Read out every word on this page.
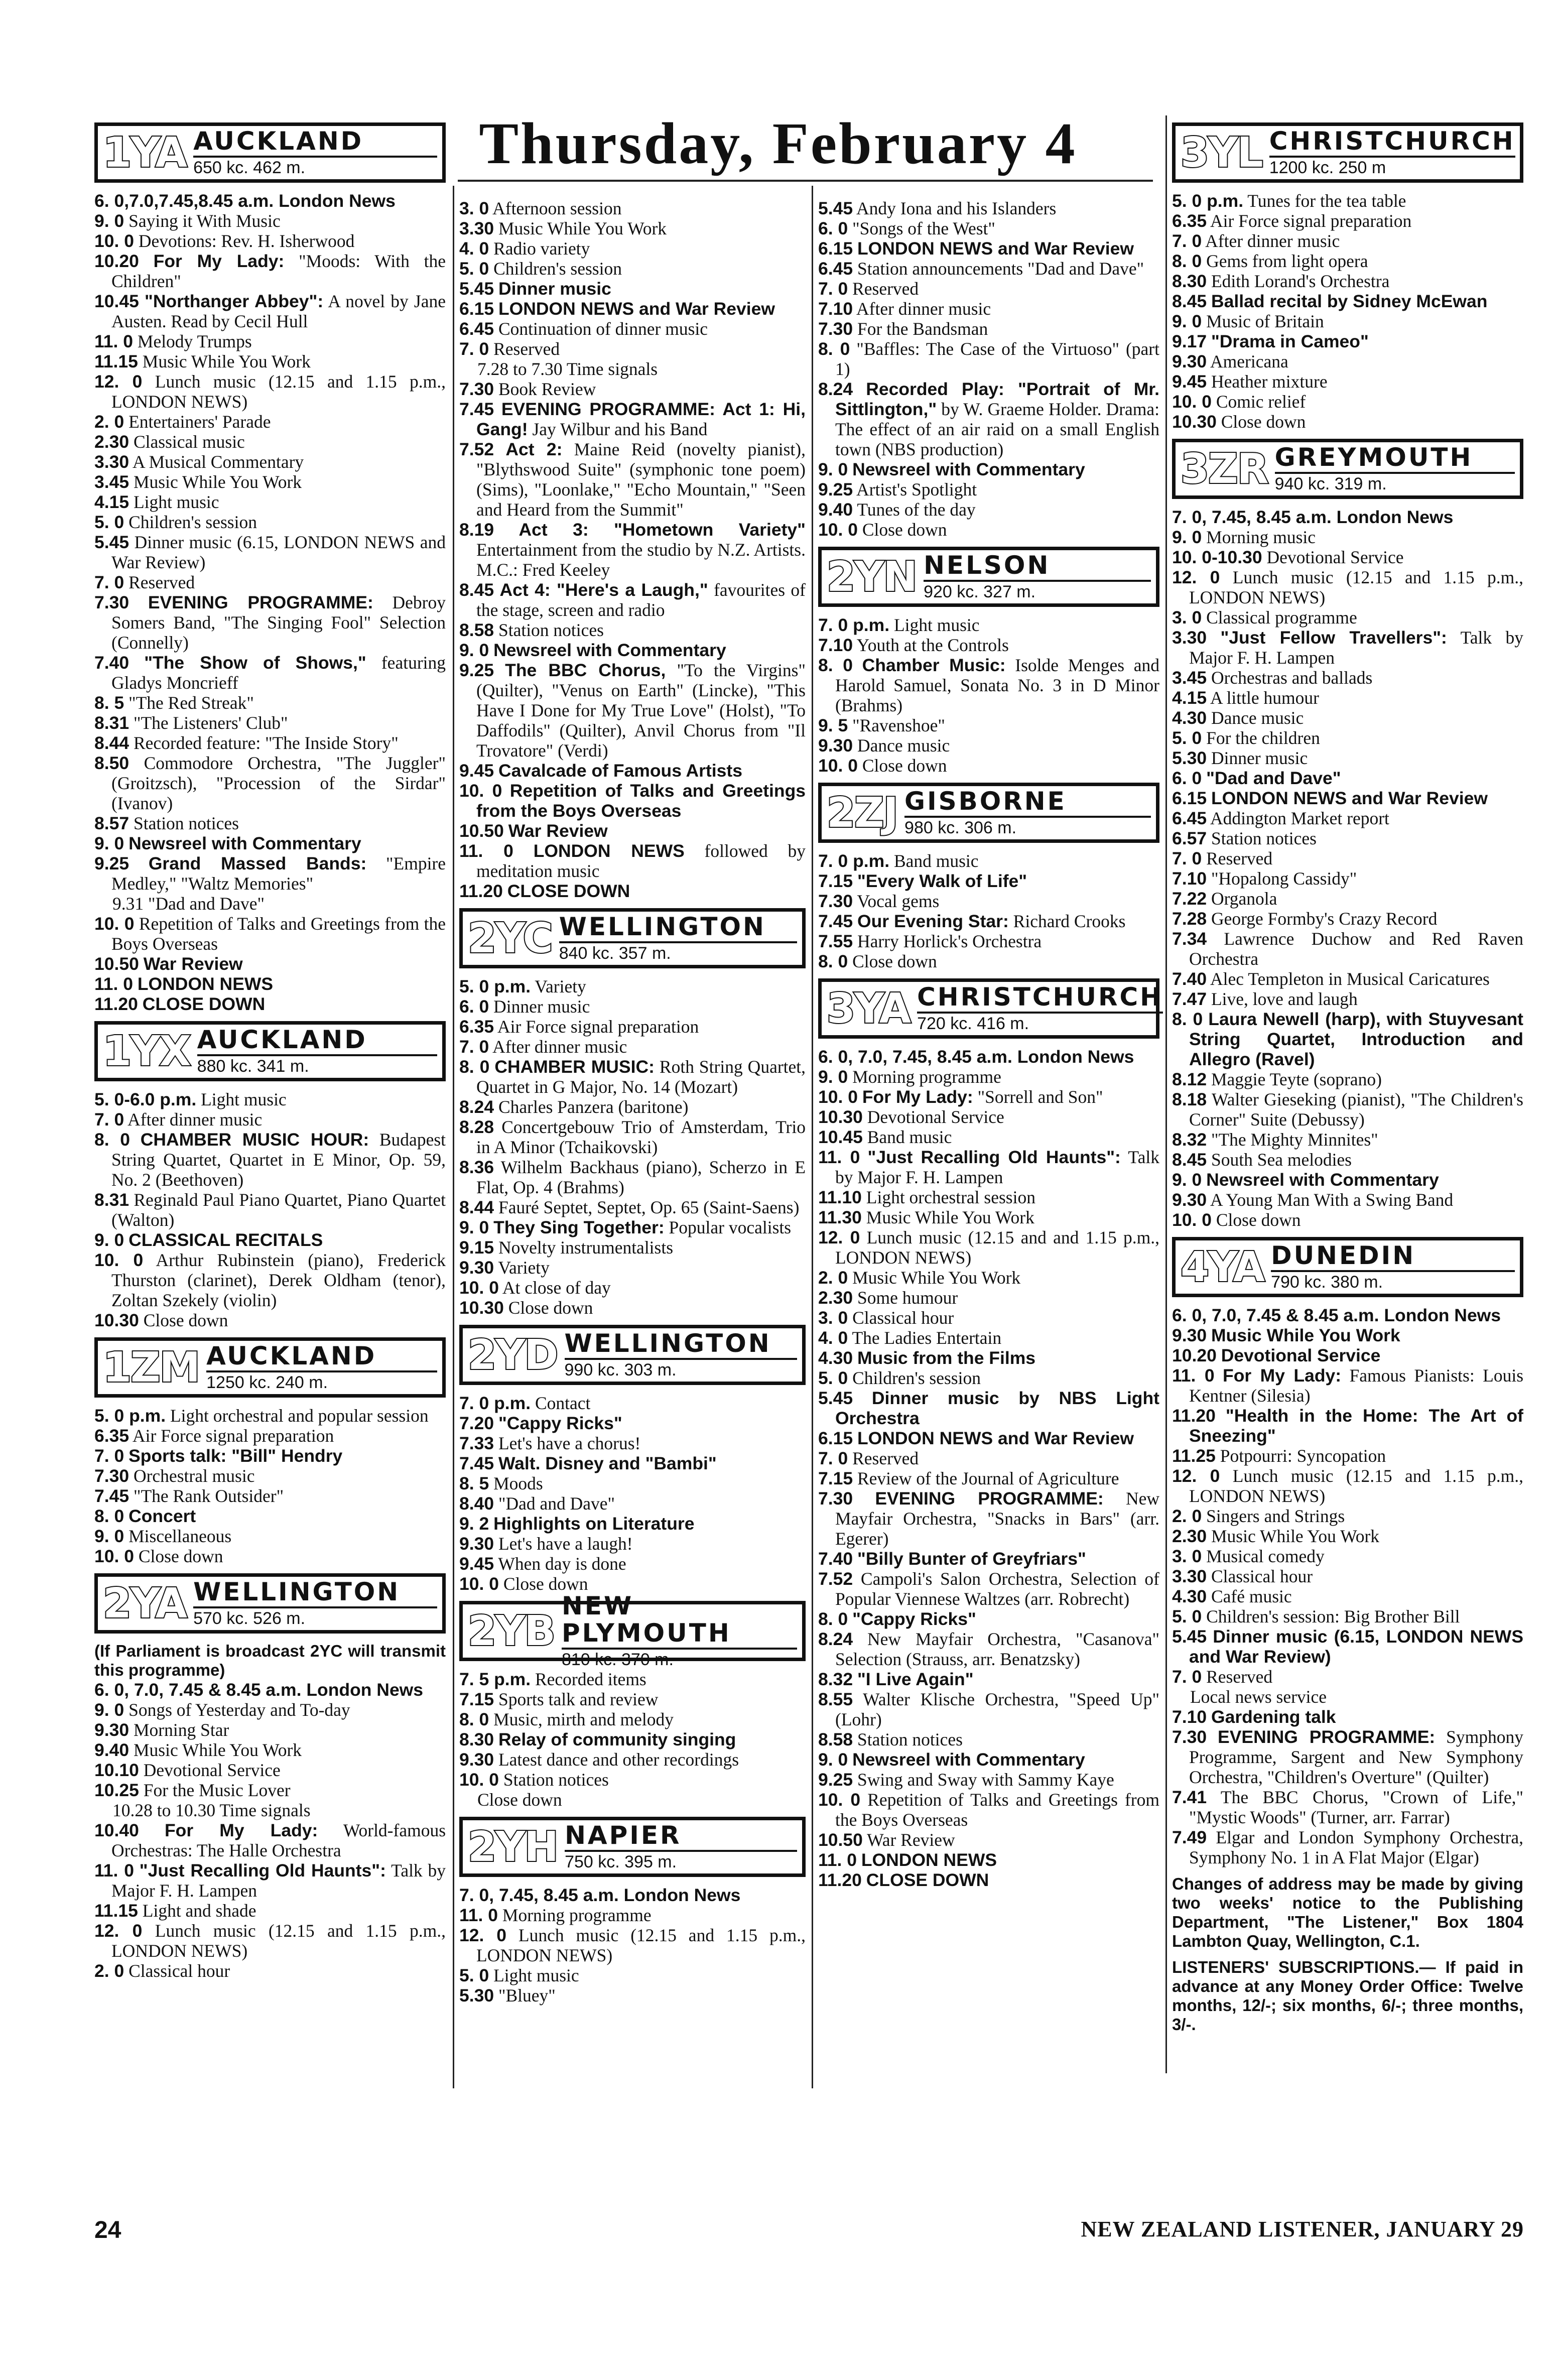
Thursday, February 4
1YA AUCKLAND
650 kc. 462 m.

6. 0,7.0,7.45,8.45 a.m. London News

9. 0 Saying it With Music

10. 0 Devotions: Rev. H. Isherwood

10.20 For My Lady: "Moods: With the Children"

10.45 "Northanger Abbey": A novel by Jane Austen. Read by Cecil Hull

11. 0 Melody Trumps

11.15 Music While You Work

12. 0 Lunch music (12.15 and 1.15 p.m., LONDON NEWS)

2. 0 Entertainers' Parade

2.30 Classical music

3.30 A Musical Commentary

3.45 Music While You Work

4.15 Light music

5. 0 Children's session

5.45 Dinner music (6.15, LONDON NEWS and War Review)

7. 0 Reserved

7.30 EVENING PROGRAMME: Debroy Somers Band, "The Singing Fool" Selection (Connelly)

7.40 "The Show of Shows," featuring Gladys Moncrieff

8. 5 "The Red Streak"

8.31 "The Listeners' Club"

8.44 Recorded feature: "The Inside Story"

8.50 Commodore Orchestra, "The Juggler" (Groitzsch), "Procession of the Sirdar" (Ivanov)

8.57 Station notices

9. 0 Newsreel with Commentary

9.25 Grand Massed Bands: "Empire Medley," "Waltz Memories"

9.31 "Dad and Dave"

10. 0 Repetition of Talks and Greetings from the Boys Overseas

10.50 War Review

11. 0 LONDON NEWS

11.20 CLOSE DOWN

1YX AUCKLAND
880 kc. 341 m.

5. 0-6.0 p.m. Light music

7. 0 After dinner music

8. 0 CHAMBER MUSIC HOUR: Budapest String Quartet, Quartet in E Minor, Op. 59, No. 2 (Beethoven)

8.31 Reginald Paul Piano Quartet, Piano Quartet (Walton)

9. 0 CLASSICAL RECITALS

10. 0 Arthur Rubinstein (piano), Frederick Thurston (clarinet), Derek Oldham (tenor), Zoltan Szekely (violin)

10.30 Close down

1ZM AUCKLAND
1250 kc. 240 m.

5. 0 p.m. Light orchestral and popular session

6.35 Air Force signal preparation

7. 0 Sports talk: "Bill" Hendry

7.30 Orchestral music

7.45 "The Rank Outsider"

8. 0 Concert

9. 0 Miscellaneous

10. 0 Close down

2YA WELLINGTON
570 kc. 526 m.

(If Parliament is broadcast 2YC will transmit this programme)

6. 0, 7.0, 7.45 & 8.45 a.m. London News

9. 0 Songs of Yesterday and To-day

9.30 Morning Star

9.40 Music While You Work

10.10 Devotional Service

10.25 For the Music Lover

10.28 to 10.30 Time signals

10.40 For My Lady: World-famous Orchestras: The Halle Orchestra

11. 0 "Just Recalling Old Haunts": Talk by Major F. H. Lampen

11.15 Light and shade

12. 0 Lunch music (12.15 and 1.15 p.m., LONDON NEWS)

2. 0 Classical hour

3. 0 Afternoon session

3.30 Music While You Work

4. 0 Radio variety

5. 0 Children's session

5.45 Dinner music

6.15 LONDON NEWS and War Review

6.45 Continuation of dinner music

7. 0 Reserved

7.28 to 7.30 Time signals

7.30 Book Review

7.45 EVENING PROGRAMME: Act 1: Hi, Gang! Jay Wilbur and his Band

7.52 Act 2: Maine Reid (novelty pianist), "Blythswood Suite" (symphonic tone poem) (Sims), "Loonlake," "Echo Mountain," "Seen and Heard from the Summit"

8.19 Act 3: "Hometown Variety" Entertainment from the studio by N.Z. Artists. M.C.: Fred Keeley

8.45 Act 4: "Here's a Laugh," favourites of the stage, screen and radio

8.58 Station notices

9. 0 Newsreel with Commentary

9.25 The BBC Chorus, "To the Virgins" (Quilter), "Venus on Earth" (Lincke), "This Have I Done for My True Love" (Holst), "To Daffodils" (Quilter), Anvil Chorus from "Il Trovatore" (Verdi)

9.45 Cavalcade of Famous Artists

10. 0 Repetition of Talks and Greetings from the Boys Overseas

10.50 War Review

11. 0 LONDON NEWS followed by meditation music

11.20 CLOSE DOWN

2YC WELLINGTON
840 kc. 357 m.

5. 0 p.m. Variety

6. 0 Dinner music

6.35 Air Force signal preparation

7. 0 After dinner music

8. 0 CHAMBER MUSIC: Roth String Quartet, Quartet in G Major, No. 14 (Mozart)

8.24 Charles Panzera (baritone)

8.28 Concertgebouw Trio of Amsterdam, Trio in A Minor (Tchaikovski)

8.36 Wilhelm Backhaus (piano), Scherzo in E Flat, Op. 4 (Brahms)

8.44 Fauré Septet, Septet, Op. 65 (Saint-Saens)

9. 0 They Sing Together: Popular vocalists

9.15 Novelty instrumentalists

9.30 Variety

10. 0 At close of day

10.30 Close down

2YD WELLINGTON
990 kc. 303 m.

7. 0 p.m. Contact

7.20 "Cappy Ricks"

7.33 Let's have a chorus!

7.45 Walt. Disney and "Bambi"

8. 5 Moods

8.40 "Dad and Dave"

9. 2 Highlights on Literature

9.30 Let's have a laugh!

9.45 When day is done

10. 0 Close down

2YB
NEW PLYMOUTH
810 kc. 370 m.

7. 5 p.m. Recorded items

7.15 Sports talk and review

8. 0 Music, mirth and melody

8.30 Relay of community singing

9.30 Latest dance and other recordings

10. 0 Station notices

Close down

2YH NAPIER
750 kc. 395 m.

7. 0, 7.45, 8.45 a.m. London News

11. 0 Morning programme

12. 0 Lunch music (12.15 and 1.15 p.m., LONDON NEWS)

5. 0 Light music

5.30 "Bluey"

5.45 Andy Iona and his Islanders

6. 0 "Songs of the West"

6.15 LONDON NEWS and War Review

6.45 Station announcements "Dad and Dave"

7. 0 Reserved

7.10 After dinner music

7.30 For the Bandsman

8. 0 "Baffles: The Case of the Virtuoso" (part 1)

8.24 Recorded Play: "Portrait of Mr. Sittlington," by W. Graeme Holder. Drama: The effect of an air raid on a small English town (NBS production)

9. 0 Newsreel with Commentary

9.25 Artist's Spotlight

9.40 Tunes of the day

10. 0 Close down

2YN NELSON
920 kc. 327 m.

7. 0 p.m. Light music

7.10 Youth at the Controls

8. 0 Chamber Music: Isolde Menges and Harold Samuel, Sonata No. 3 in D Minor (Brahms)

9. 5 "Ravenshoe"

9.30 Dance music

10. 0 Close down

2ZJ GISBORNE
980 kc. 306 m.

7. 0 p.m. Band music

7.15 "Every Walk of Life"

7.30 Vocal gems

7.45 Our Evening Star: Richard Crooks

7.55 Harry Horlick's Orchestra

8. 0 Close down

3YA CHRISTCHURCH
720 kc. 416 m.

6. 0, 7.0, 7.45, 8.45 a.m. London News

9. 0 Morning programme

10. 0 For My Lady: "Sorrell and Son"

10.30 Devotional Service

10.45 Band music

11. 0 "Just Recalling Old Haunts": Talk by Major F. H. Lampen

11.10 Light orchestral session

11.30 Music While You Work

12. 0 Lunch music (12.15 and and 1.15 p.m., LONDON NEWS)

2. 0 Music While You Work

2.30 Some humour

3. 0 Classical hour

4. 0 The Ladies Entertain

4.30 Music from the Films

5. 0 Children's session

5.45 Dinner music by NBS Light Orchestra

6.15 LONDON NEWS and War Review

7. 0 Reserved

7.15 Review of the Journal of Agriculture

7.30 EVENING PROGRAMME: New Mayfair Orchestra, "Snacks in Bars" (arr. Egerer)

7.40 "Billy Bunter of Greyfriars"

7.52 Campoli's Salon Orchestra, Selection of Popular Viennese Waltzes (arr. Robrecht)

8. 0 "Cappy Ricks"

8.24 New Mayfair Orchestra, "Casanova" Selection (Strauss, arr. Benatzsky)

8.32 "I Live Again"

8.55 Walter Klische Orchestra, "Speed Up" (Lohr)

8.58 Station notices

9. 0 Newsreel with Commentary

9.25 Swing and Sway with Sammy Kaye

10. 0 Repetition of Talks and Greetings from the Boys Overseas

10.50 War Review

11. 0 LONDON NEWS

11.20 CLOSE DOWN

3YL CHRISTCHURCH
1200 kc. 250 m

5. 0 p.m. Tunes for the tea table

6.35 Air Force signal preparation

7. 0 After dinner music

8. 0 Gems from light opera

8.30 Edith Lorand's Orchestra

8.45 Ballad recital by Sidney McEwan

9. 0 Music of Britain

9.17 "Drama in Cameo"

9.30 Americana

9.45 Heather mixture

10. 0 Comic relief

10.30 Close down

3ZR GREYMOUTH
940 kc. 319 m.

7. 0, 7.45, 8.45 a.m. London News

9. 0 Morning music

10. 0-10.30 Devotional Service

12. 0 Lunch music (12.15 and 1.15 p.m., LONDON NEWS)

3. 0 Classical programme

3.30 "Just Fellow Travellers": Talk by Major F. H. Lampen

3.45 Orchestras and ballads

4.15 A little humour

4.30 Dance music

5. 0 For the children

5.30 Dinner music

6. 0 "Dad and Dave"

6.15 LONDON NEWS and War Review

6.45 Addington Market report

6.57 Station notices

7. 0 Reserved

7.10 "Hopalong Cassidy"

7.22 Organola

7.28 George Formby's Crazy Record

7.34 Lawrence Duchow and Red Raven Orchestra

7.40 Alec Templeton in Musical Caricatures

7.47 Live, love and laugh

8. 0 Laura Newell (harp), with Stuyvesant String Quartet, Introduction and Allegro (Ravel)

8.12 Maggie Teyte (soprano)

8.18 Walter Gieseking (pianist), "The Children's Corner" Suite (Debussy)

8.32 "The Mighty Minnites"

8.45 South Sea melodies

9. 0 Newsreel with Commentary

9.30 A Young Man With a Swing Band

10. 0 Close down

4YA DUNEDIN
790 kc. 380 m.

6. 0, 7.0, 7.45 & 8.45 a.m. London News

9.30 Music While You Work

10.20 Devotional Service

11. 0 For My Lady: Famous Pianists: Louis Kentner (Silesia)

11.20 "Health in the Home: The Art of Sneezing"

11.25 Potpourri: Syncopation

12. 0 Lunch music (12.15 and 1.15 p.m., LONDON NEWS)

2. 0 Singers and Strings

2.30 Music While You Work

3. 0 Musical comedy

3.30 Classical hour

4.30 Café music

5. 0 Children's session: Big Brother Bill

5.45 Dinner music (6.15, LONDON NEWS and War Review)

7. 0 Reserved

Local news service

7.10 Gardening talk

7.30 EVENING PROGRAMME: Symphony Programme, Sargent and New Symphony Orchestra, "Children's Overture" (Quilter)

7.41 The BBC Chorus, "Crown of Life," "Mystic Woods" (Turner, arr. Farrar)

7.49 Elgar and London Symphony Orchestra, Symphony No. 1 in A Flat Major (Elgar)

Changes of address may be made by giving two weeks' notice to the Publishing Department, "The Listener," Box 1804 Lambton Quay, Wellington, C.1.

LISTENERS' SUBSCRIPTIONS.— If paid in advance at any Money Order Office: Twelve months, 12/-; six months, 6/-; three months, 3/-.

24	NEW ZEALAND LISTENER, JANUARY 29
